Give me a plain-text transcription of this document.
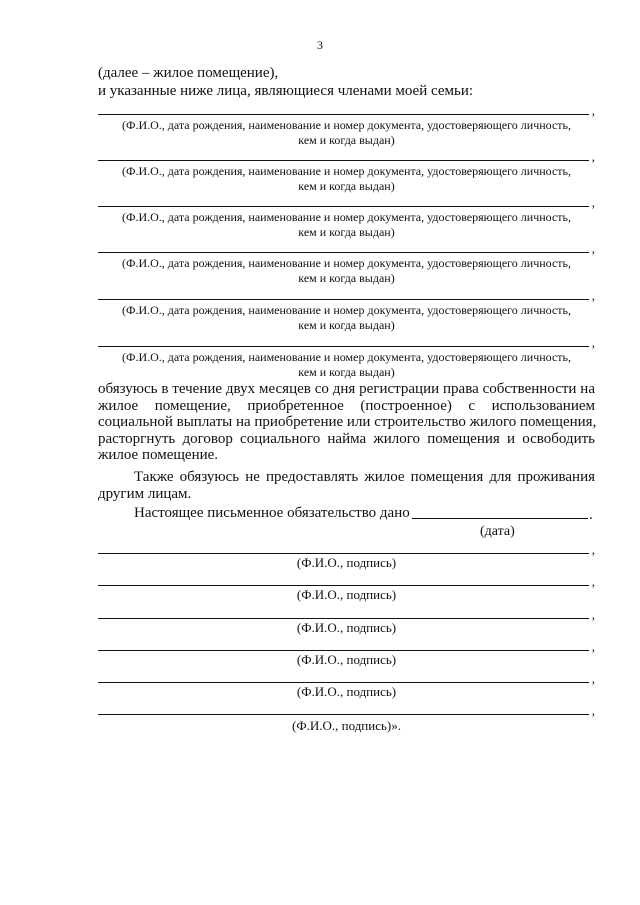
3
(далее – жилое помещение),
и указанные ниже лица, являющиеся членами моей семьи:
,
(Ф.И.О., дата рождения, наименование и номер документа, удостоверяющего личность,
кем и когда выдан)
,
(Ф.И.О., дата рождения, наименование и номер документа, удостоверяющего личность,
кем и когда выдан)
,
(Ф.И.О., дата рождения, наименование и номер документа, удостоверяющего личность,
кем и когда выдан)
,
(Ф.И.О., дата рождения, наименование и номер документа, удостоверяющего личность,
кем и когда выдан)
,
(Ф.И.О., дата рождения, наименование и номер документа, удостоверяющего личность,
кем и когда выдан)
,
(Ф.И.О., дата рождения, наименование и номер документа, удостоверяющего личность,
кем и когда выдан)
обязуюсь в течение двух месяцев со дня регистрации права собственности на
жилое помещение, приобретенное (построенное) с использованием
социальной выплаты на приобретение или строительство жилого помещения,
расторгнуть договор социального найма жилого помещения и освободить
жилое помещение.
Также обязуюсь не предоставлять жилое помещения для проживания
другим лицам.
Настоящее письменное обязательство дано	.
(дата)
,
(Ф.И.О., подпись)
,
(Ф.И.О., подпись)
,
(Ф.И.О., подпись)
,
(Ф.И.О., подпись)
,
(Ф.И.О., подпись)
,
(Ф.И.О., подпись)».
